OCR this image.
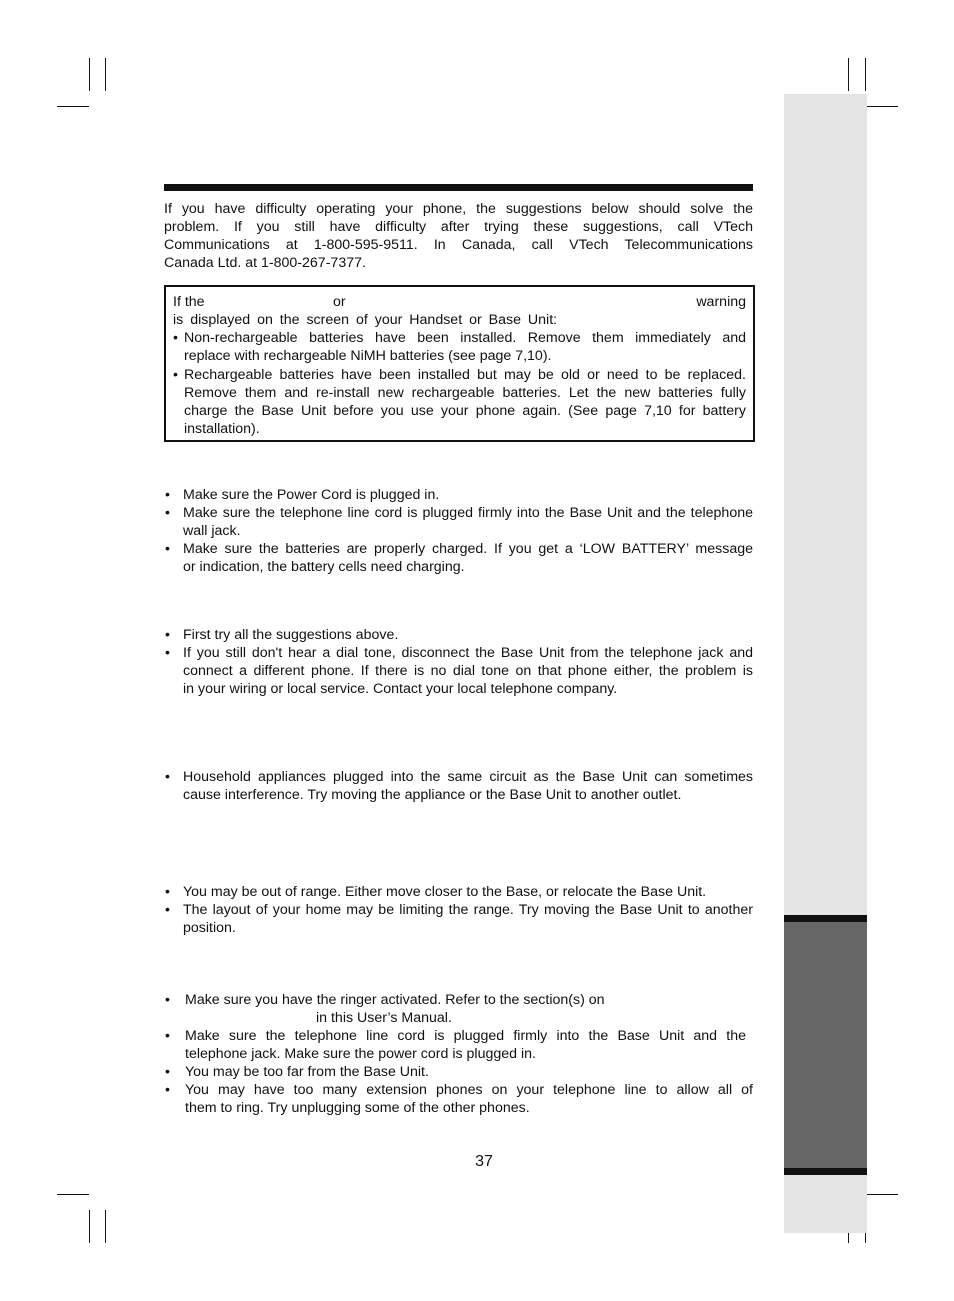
If you have difficulty operating your phone, the suggestions below should solve the
problem. If you still have difficulty after trying these suggestions, call VTech
Communications at 1-800-595-9511. In Canada, call VTech Telecommunications
Canada Ltd. at 1-800-267-7377.

If the	or	warning
is displayed on the screen of your Handset or Base Unit:
• Non-rechargeable batteries have been installed. Remove them immediately and
replace with rechargeable NiMH batteries (see page 7,10).
• Rechargeable batteries have been installed but may be old or need to be replaced.
Remove them and re-install new rechargeable batteries. Let the new batteries fully
charge the Base Unit before you use your phone again. (See page 7,10 for battery
installation).
• Make sure the Power Cord is plugged in.
• Make sure the telephone line cord is plugged firmly into the Base Unit and the telephone
wall jack.
• Make sure the batteries are properly charged. If you get a ‘LOW BATTERY’ message
or indication, the battery cells need charging.
• First try all the suggestions above.
• If you still don't hear a dial tone, disconnect the Base Unit from the telephone jack and
connect a different phone. If there is no dial tone on that phone either, the problem is
in your wiring or local service. Contact your local telephone company.
• Household appliances plugged into the same circuit as the Base Unit can sometimes
cause interference. Try moving the appliance or the Base Unit to another outlet.
• You may be out of range. Either move closer to the Base, or relocate the Base Unit.
• The layout of your home may be limiting the range. Try moving the Base Unit to another
position.
• Make sure you have the ringer activated. Refer to the section(s) on
in this User’s Manual.
• Make sure the telephone line cord is plugged firmly into the Base Unit and the
telephone jack. Make sure the power cord is plugged in.
• You may be too far from the Base Unit.
• You may have too many extension phones on your telephone line to allow all of
them to ring. Try unplugging some of the other phones.
37
